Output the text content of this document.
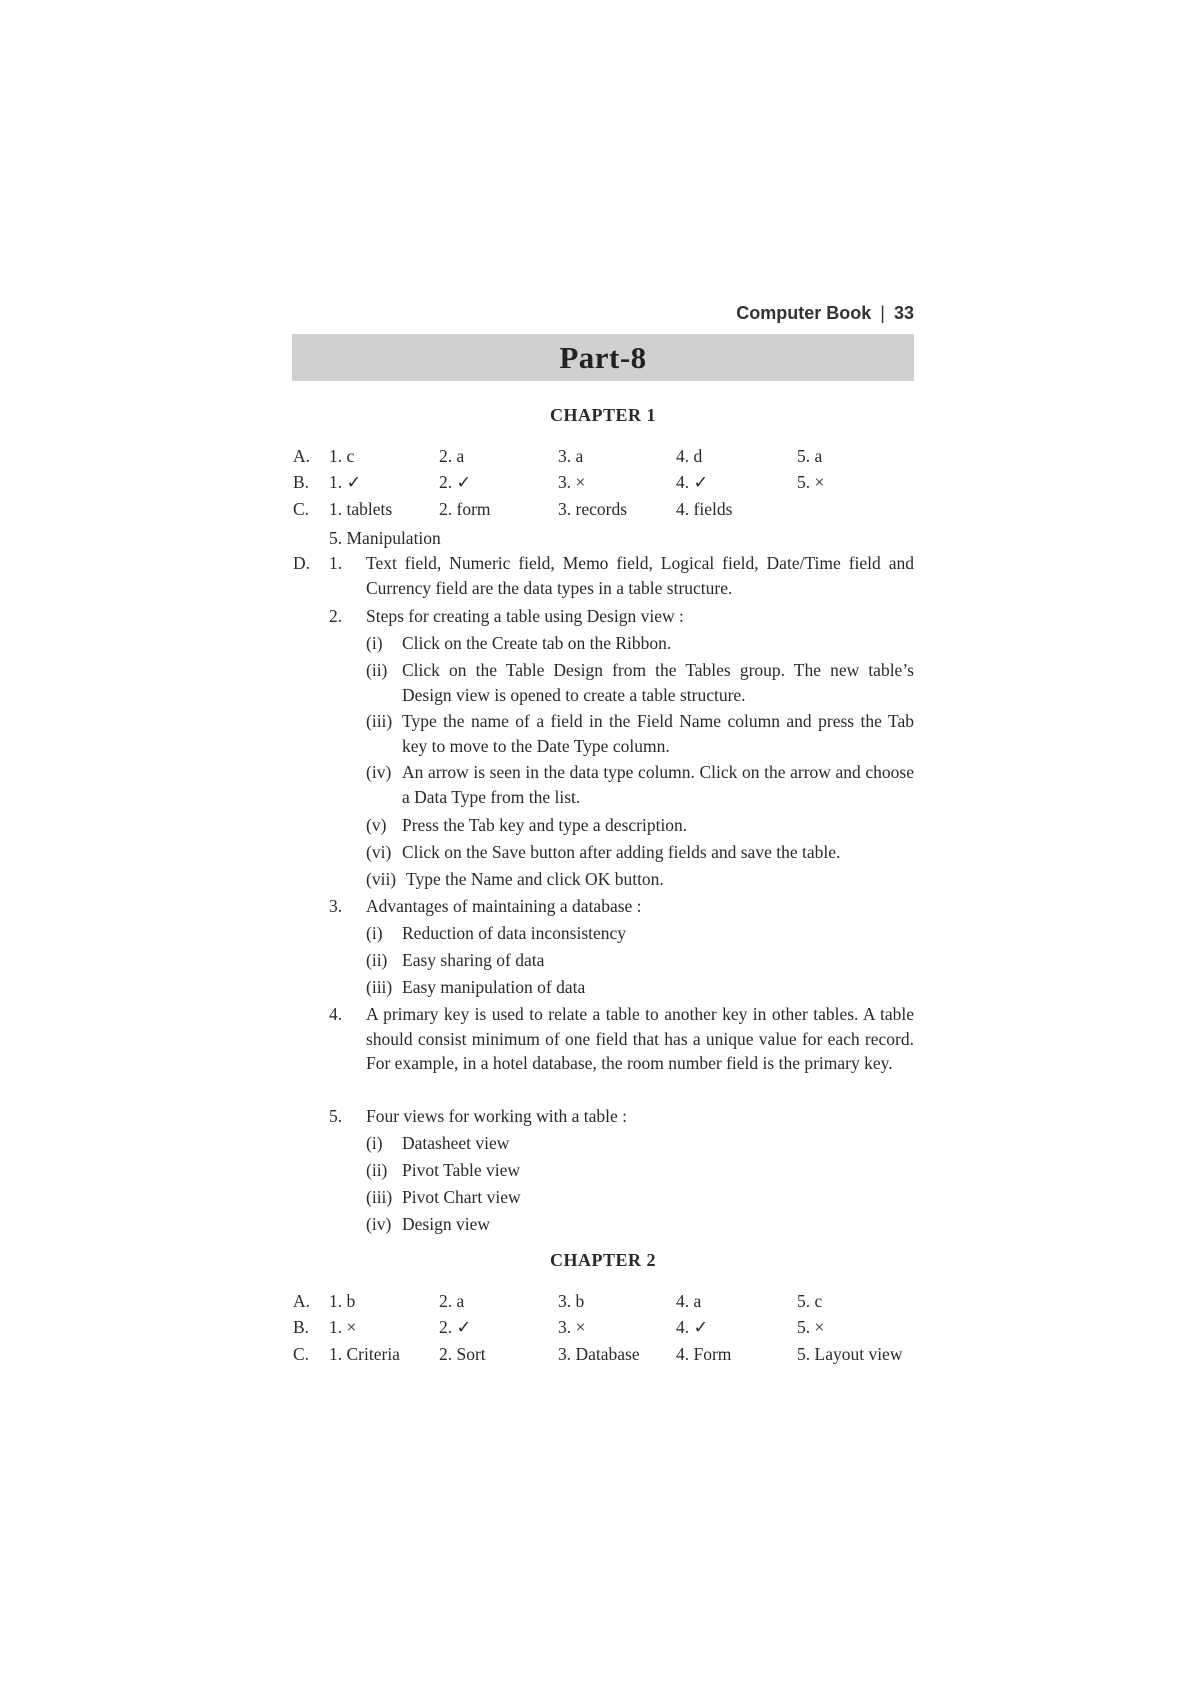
Computer Book | 33
Part-8
CHAPTER 1
A. 1. c	2. a	3. a	4. d	5. a
B. 1. ✓	2. ✓	3. ×	4. ✓	5. ×
C. 1. tablets	2. form	3. records	4. fields
5. Manipulation
D. 1. Text field, Numeric field, Memo field, Logical field, Date/Time field and Currency field are the data types in a table structure.
2. Steps for creating a table using Design view :
(i) Click on the Create tab on the Ribbon.
(ii) Click on the Table Design from the Tables group. The new table’s Design view is opened to create a table structure.
(iii) Type the name of a field in the Field Name column and press the Tab key to move to the Date Type column.
(iv) An arrow is seen in the data type column. Click on the arrow and choose a Data Type from the list.
(v) Press the Tab key and type a description.
(vi) Click on the Save button after adding fields and save the table.
(vii) Type the Name and click OK button.
3. Advantages of maintaining a database :
(i) Reduction of data inconsistency
(ii) Easy sharing of data
(iii) Easy manipulation of data
4. A primary key is used to relate a table to another key in other tables. A table should consist minimum of one field that has a unique value for each record. For example, in a hotel database, the room number field is the primary key.
5. Four views for working with a table :
(i) Datasheet view
(ii) Pivot Table view
(iii) Pivot Chart view
(iv) Design view
CHAPTER 2
A. 1. b	2. a	3. b	4. a	5. c
B. 1. ×	2. ✓	3. ×	4. ✓	5. ×
C. 1. Criteria 2. Sort	3. Database 4. Form	5. Layout view
